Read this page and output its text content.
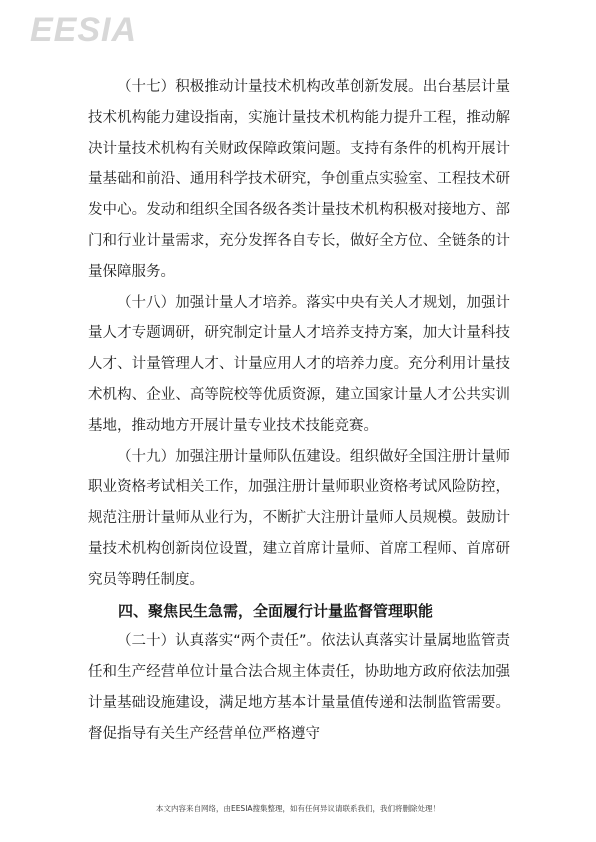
EESIA

（十七）积极推动计量技术机构改革创新发展。出台基层计量技术机构能力建设指南，实施计量技术机构能力提升工程，推动解决计量技术机构有关财政保障政策问题。支持有条件的机构开展计量基础和前沿、通用科学技术研究，争创重点实验室、工程技术研发中心。发动和组织全国各级各类计量技术机构积极对接地方、部门和行业计量需求，充分发挥各自专长，做好全方位、全链条的计量保障服务。

（十八）加强计量人才培养。落实中央有关人才规划，加强计量人才专题调研，研究制定计量人才培养支持方案，加大计量科技人才、计量管理人才、计量应用人才的培养力度。充分利用计量技术机构、企业、高等院校等优质资源，建立国家计量人才公共实训基地，推动地方开展计量专业技术技能竞赛。

（十九）加强注册计量师队伍建设。组织做好全国注册计量师职业资格考试相关工作，加强注册计量师职业资格考试风险防控，规范注册计量师从业行为，不断扩大注册计量师人员规模。鼓励计量技术机构创新岗位设置，建立首席计量师、首席工程师、首席研究员等聘任制度。

四、聚焦民生急需，全面履行计量监督管理职能

（二十）认真落实“两个责任”。依法认真落实计量属地监管责任和生产经营单位计量合法合规主体责任，协助地方政府依法加强计量基础设施建设，满足地方基本计量量值传递和法制监管需要。督促指导有关生产经营单位严格遵守

本文内容来自网络，由EESIA搜集整理，如有任何异议请联系我们，我们将删除处理！
